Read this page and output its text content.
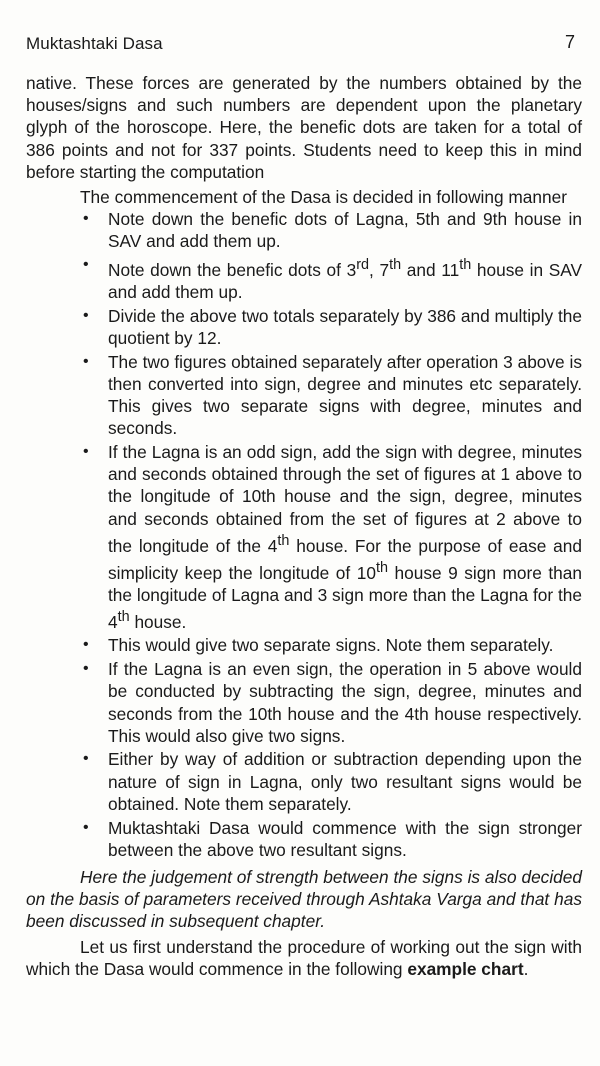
Muktashtaki Dasa	7

native. These forces are generated by the numbers obtained by the houses/signs and such numbers are dependent upon the planetary glyph of the horoscope. Here, the benefic dots are taken for a total of 386 points and not for 337 points. Students need to keep this in mind before starting the computation

The commencement of the Dasa is decided in following manner

• Note down the benefic dots of Lagna, 5th and 9th house in SAV and add them up.
• Note down the benefic dots of 3rd, 7th and 11th house in SAV and add them up.
• Divide the above two totals separately by 386 and multiply the quotient by 12.
• The two figures obtained separately after operation 3 above is then converted into sign, degree and minutes etc separately. This gives two separate signs with degree, minutes and seconds.
• If the Lagna is an odd sign, add the sign with degree, minutes and seconds obtained through the set of figures at 1 above to the longitude of 10th house and the sign, degree, minutes and seconds obtained from the set of figures at 2 above to the longitude of the 4th house. For the purpose of ease and simplicity keep the longitude of 10th house 9 sign more than the longitude of Lagna and 3 sign more than the Lagna for the 4th house.
• This would give two separate signs. Note them separately.
• If the Lagna is an even sign, the operation in 5 above would be conducted by subtracting the sign, degree, minutes and seconds from the 10th house and the 4th house respectively. This would also give two signs.
• Either by way of addition or subtraction depending upon the nature of sign in Lagna, only two resultant signs would be obtained. Note them separately.
• Muktashtaki Dasa would commence with the sign stronger between the above two resultant signs.

Here the judgement of strength between the signs is also decided on the basis of parameters received through Ashtaka Varga and that has been discussed in subsequent chapter.

Let us first understand the procedure of working out the sign with which the Dasa would commence in the following example chart.
